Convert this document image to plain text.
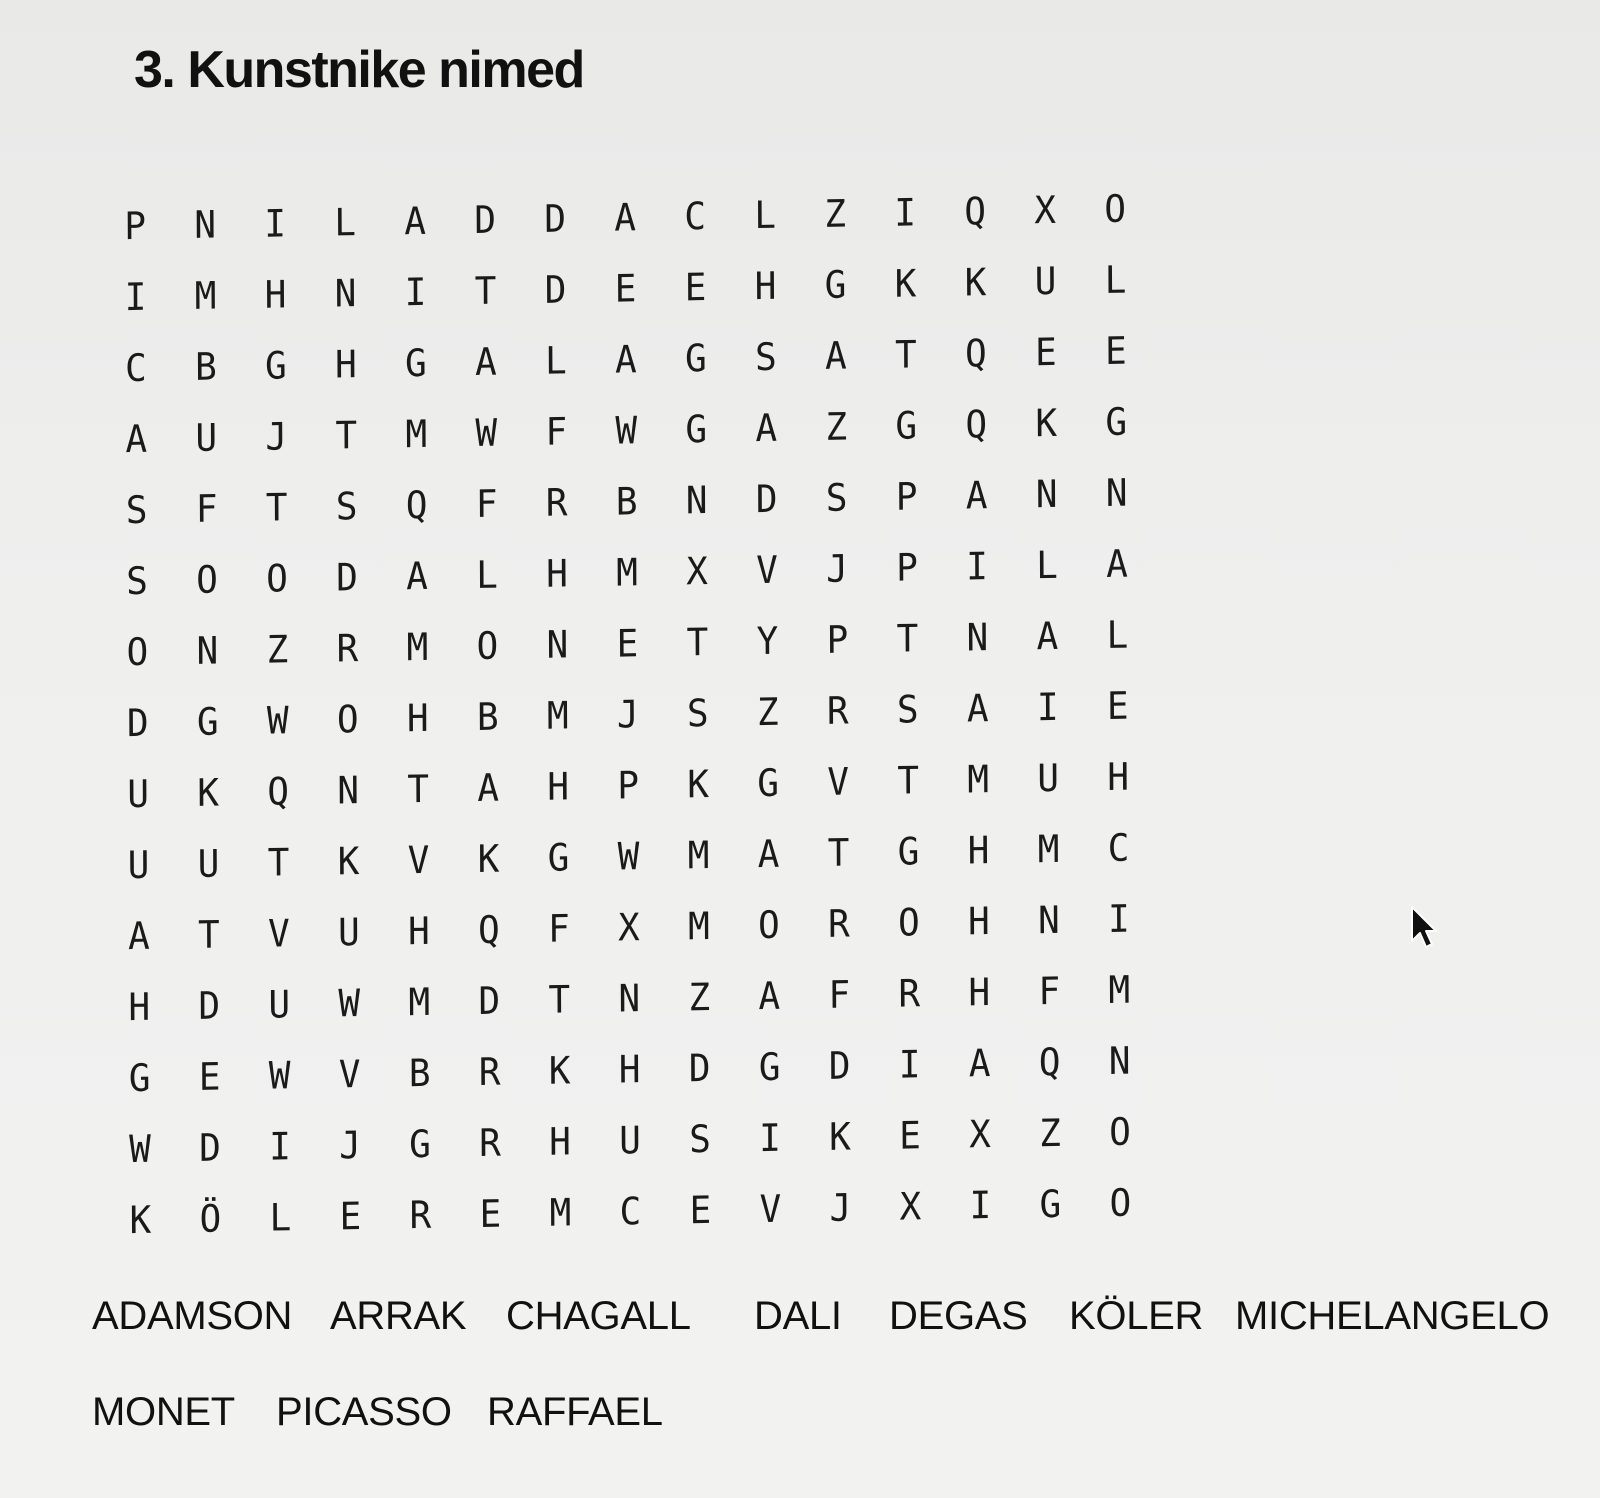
3. Kunstnike nimed
P	N	I	L	A	D	D	A	C	L	Z	I	Q	X	O
I	M	H	N	I	T	D	E	E	H	G	K	K	U	L
C	B	G	H	G	A	L	A	G	S	A	T	Q	E	E
A	U	J	T	M	W	F	W	G	A	Z	G	Q	K	G
S	F	T	S	Q	F	R	B	N	D	S	P	A	N	N
S	O	O	D	A	L	H	M	X	V	J	P	I	L	A
O	N	Z	R	M	O	N	E	T	Y	P	T	N	A	L
D	G	W	O	H	B	M	J	S	Z	R	S	A	I	E
U	K	Q	N	T	A	H	P	K	G	V	T	M	U	H
U	U	T	K	V	K	G	W	M	A	T	G	H	M	C
A	T	V	U	H	Q	F	X	M	O	R	O	H	N	I
H	D	U	W	M	D	T	N	Z	A	F	R	H	F	M
G	E	W	V	B	R	K	H	D	G	D	I	A	Q	N
W	D	I	J	G	R	H	U	S	I	K	E	X	Z	O
K	Ö	L	E	R	E	M	C	E	V	J	X	I	G	O
ADAMSON ARRAK CHAGALL DALI DEGAS KÖLER MICHELANGELO
MONET PICASSO RAFFAEL
